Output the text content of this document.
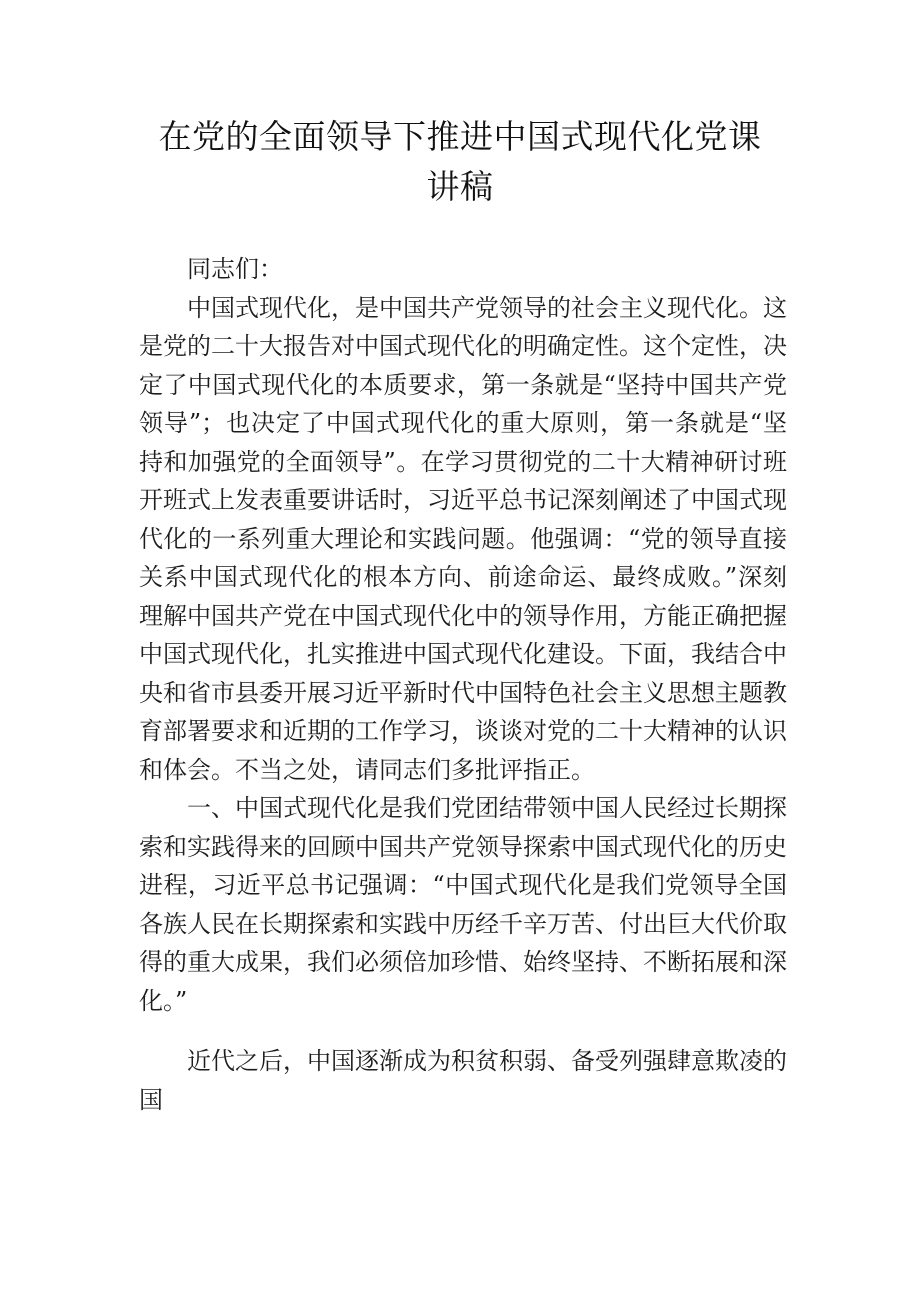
在党的全面领导下推进中国式现代化党课
讲稿

同志们：

中国式现代化，是中国共产党领导的社会主义现代化。这是党的二十大报告对中国式现代化的明确定性。这个定性，决定了中国式现代化的本质要求，第一条就是“坚持中国共产党领导”；也决定了中国式现代化的重大原则，第一条就是“坚持和加强党的全面领导”。在学习贯彻党的二十大精神研讨班开班式上发表重要讲话时，习近平总书记深刻阐述了中国式现代化的一系列重大理论和实践问题。他强调：“党的领导直接关系中国式现代化的根本方向、前途命运、最终成败。”深刻理解中国共产党在中国式现代化中的领导作用，方能正确把握中国式现代化，扎实推进中国式现代化建设。下面，我结合中央和省市县委开展习近平新时代中国特色社会主义思想主题教育部署要求和近期的工作学习，谈谈对党的二十大精神的认识和体会。不当之处，请同志们多批评指正。

一、中国式现代化是我们党团结带领中国人民经过长期探索和实践得来的回顾中国共产党领导探索中国式现代化的历史进程，习近平总书记强调：“中国式现代化是我们党领导全国各族人民在长期探索和实践中历经千辛万苦、付出巨大代价取得的重大成果，我们必须倍加珍惜、始终坚持、不断拓展和深化。”

近代之后，中国逐渐成为积贫积弱、备受列强肆意欺凌的国
